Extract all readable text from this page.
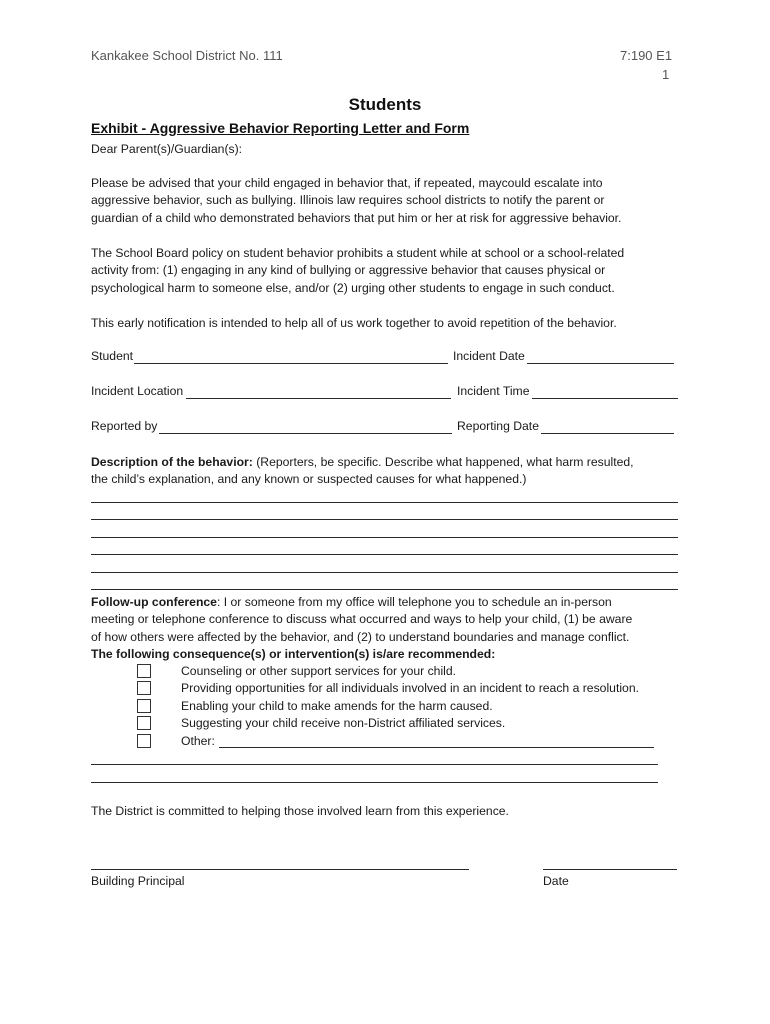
Kankakee School District No. 111	7:190 E1
1
Students
Exhibit - Aggressive Behavior Reporting Letter and Form
Dear Parent(s)/Guardian(s):
Please be advised that your child engaged in behavior that, if repeated, maycould escalate into
aggressive behavior, such as bullying. Illinois law requires school districts to notify the parent or
guardian of a child who demonstrated behaviors that put him or her at risk for aggressive behavior.
The School Board policy on student behavior prohibits a student while at school or a school-related
activity from: (1) engaging in any kind of bullying or aggressive behavior that causes physical or
psychological harm to someone else, and/or (2) urging other students to engage in such conduct.
This early notification is intended to help all of us work together to avoid repetition of the behavior.
Student	Incident Date
Incident Location	Incident Time
Reported by	Reporting Date
Description of the behavior: (Reporters, be specific. Describe what happened, what harm resulted,
the child’s explanation, and any known or suspected causes for what happened.)
Follow-up conference: I or someone from my office will telephone you to schedule an in-person
meeting or telephone conference to discuss what occurred and ways to help your child, (1) be aware
of how others were affected by the behavior, and (2) to understand boundaries and manage conflict.
The following consequence(s) or intervention(s) is/are recommended:
Counseling or other support services for your child.
Providing opportunities for all individuals involved in an incident to reach a resolution.
Enabling your child to make amends for the harm caused.
Suggesting your child receive non-District affiliated services.
Other:
The District is committed to helping those involved learn from this experience.
Building Principal	Date
